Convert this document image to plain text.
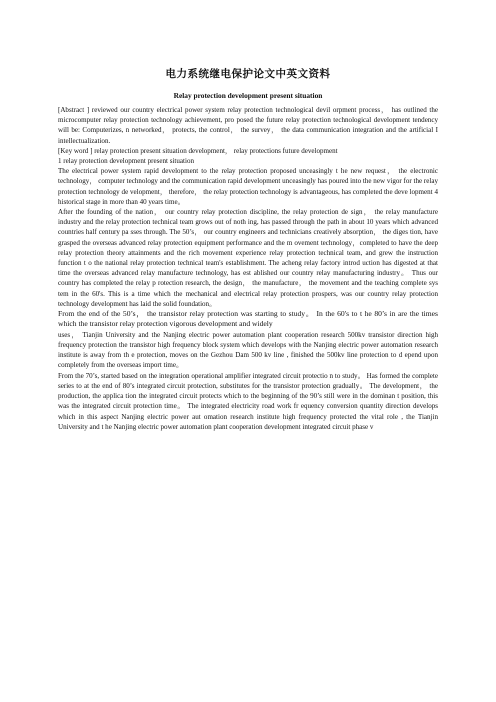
电力系统继电保护论文中英文资料
Relay protection development present situation

[Abstract ] reviewed our country electrical power system relay protection technological devil orpment process， has outlined the microcomputer relay protection technology achievement, pro posed the future relay protection technological development tendency will be: Computerizes, n networked， protects, the control， the survey， the data communication integration and the artificial I intellectualization.

[Key word ] relay protection present situation development， relay protections future development

1 relay protection development present situation

The electrical power system rapid development to the relay protection proposed unceasingly t he new request， the electronic technology， computer technology and the communication rapid development unceasingly has poured into the new vigor for the relay protection technology de velopment， therefore， the relay protection technology is advantageous, has completed the deve lopment 4 historical stage in more than 40 years time。

After the founding of the nation， our country relay protection discipline, the relay protection de sign， the relay manufacture industry and the relay protection technical team grows out of noth ing, has passed through the path in about 10 years which advanced countries half century pa sses through. The 50’s， our country engineers and technicians creatively absorption， the diges tion, have grasped the overseas advanced relay protection equipment performance and the m ovement technology，completed to have the deep relay protection theory attainments and the rich movement experience relay protection technical team, and grew the instruction function t o the national relay protection technical team's establishment. The acheng relay factory introd uction has digested at that time the overseas advanced relay manufacture technology, has est ablished our country relay manufacturing industry。 Thus our country has completed the relay p rotection research, the design， the manufacture， the movement and the teaching complete sys tem in the 60's. This is a time which the mechanical and electrical relay protection prospers, was our country relay protection technology development has laid the solid foundation。

From the end of the 50’s， the transistor relay protection was starting to study。 In the 60's to t he 80’s in are the times which the transistor relay protection vigorous development and widely

uses， Tianjin University and the Nanjing electric power automation plant cooperation research 500kv transistor direction high frequency protection the transistor high frequency block system which develops with the Nanjing electric power automation research institute is away from th e protection, moves on the Gezhou Dam 500 kv line , finished the 500kv line protection to d epend upon completely from the overseas import time。

From the 70’s, started based on the integration operational amplifier integrated circuit protectio n to study。 Has formed the complete series to at the end of 80’s integrated circuit protection, substitutes for the transistor protection gradually。 The development， the production, the applica tion the integrated circuit protects which to the beginning of the 90’s still were in the dominan t position, this was the integrated circuit protection time。 The integrated electricity road work fr equency conversion quantity direction develops which in this aspect Nanjing electric power aut omation research institute high frequency protected the vital role , the Tianjin University and t he Nanjing electric power automation plant cooperation development integrated circuit phase v
